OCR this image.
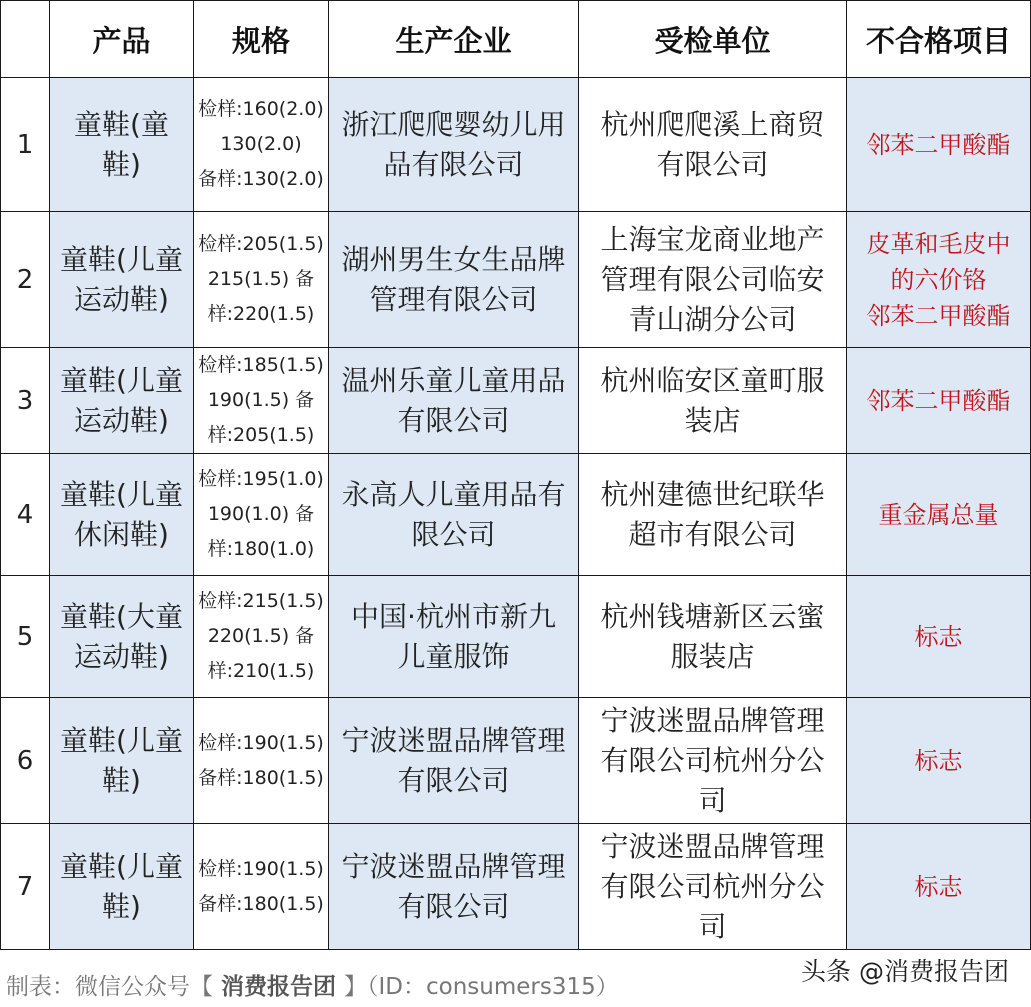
	产品	规格	生产企业	受检单位	不合格项目
1	童鞋(童
鞋)	检样:160(2.0)
130(2.0)
备样:130(2.0)	浙江爬爬婴幼儿用
品有限公司	杭州爬爬溪上商贸
有限公司	邻苯二甲酸酯

2	童鞋(儿童
运动鞋)	检样:205(1.5)
215(1.5) 备
样:220(1.5)	湖州男生女生品牌
管理有限公司	上海宝龙商业地产
管理有限公司临安
青山湖分公司	皮革和毛皮中
的六价铬
邻苯二甲酸酯

3	童鞋(儿童
运动鞋)	检样:185(1.5)
190(1.5) 备
样:205(1.5)	温州乐童儿童用品
有限公司	杭州临安区童町服
装店	邻苯二甲酸酯

4	童鞋(儿童
休闲鞋)	检样:195(1.0)
190(1.0) 备
样:180(1.0)	永高人儿童用品有
限公司	杭州建德世纪联华
超市有限公司	重金属总量

5	童鞋(大童
运动鞋)	检样:215(1.5)
220(1.5) 备
样:210(1.5)	中国·杭州市新九
儿童服饰	杭州钱塘新区云蜜
服装店	标志

6	童鞋(儿童
鞋)	检样:190(1.5)
备样:180(1.5)	宁波迷盟品牌管理
有限公司	宁波迷盟品牌管理
有限公司杭州分公
司	标志

7	童鞋(儿童
鞋)	检样:190(1.5)
备样:180(1.5)	宁波迷盟品牌管理
有限公司	宁波迷盟品牌管理
有限公司杭州分公
司	标志
制表：微信公众号【 消费报告团 】（ID：consumers315）
头条 @消费报告团
